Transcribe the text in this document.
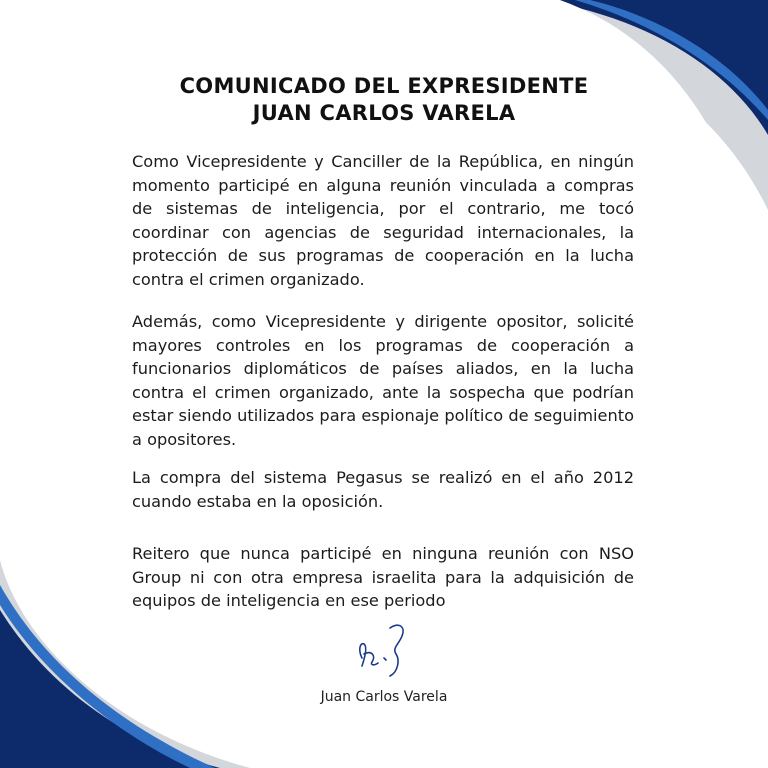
COMUNICADO DEL EXPRESIDENTE
JUAN CARLOS VARELA

Como Vicepresidente y Canciller de la República, en ningún momento participé en alguna reunión vinculada a compras de sistemas de inteligencia, por el contrario, me tocó coordinar con agencias de seguridad internacionales, la protección de sus programas de cooperación en la lucha contra el crimen organizado.

Además, como Vicepresidente y dirigente opositor, solicité mayores controles en los programas de cooperación a funcionarios diplomáticos de países aliados, en la lucha contra el crimen organizado, ante la sospecha que podrían estar siendo utilizados para espionaje político de seguimiento a opositores.

La compra del sistema Pegasus se realizó en el año 2012 cuando estaba en la oposición.

Reitero que nunca participé en ninguna reunión con NSO Group ni con otra empresa israelita para la adquisición de equipos de inteligencia en ese periodo

Juan Carlos Varela
